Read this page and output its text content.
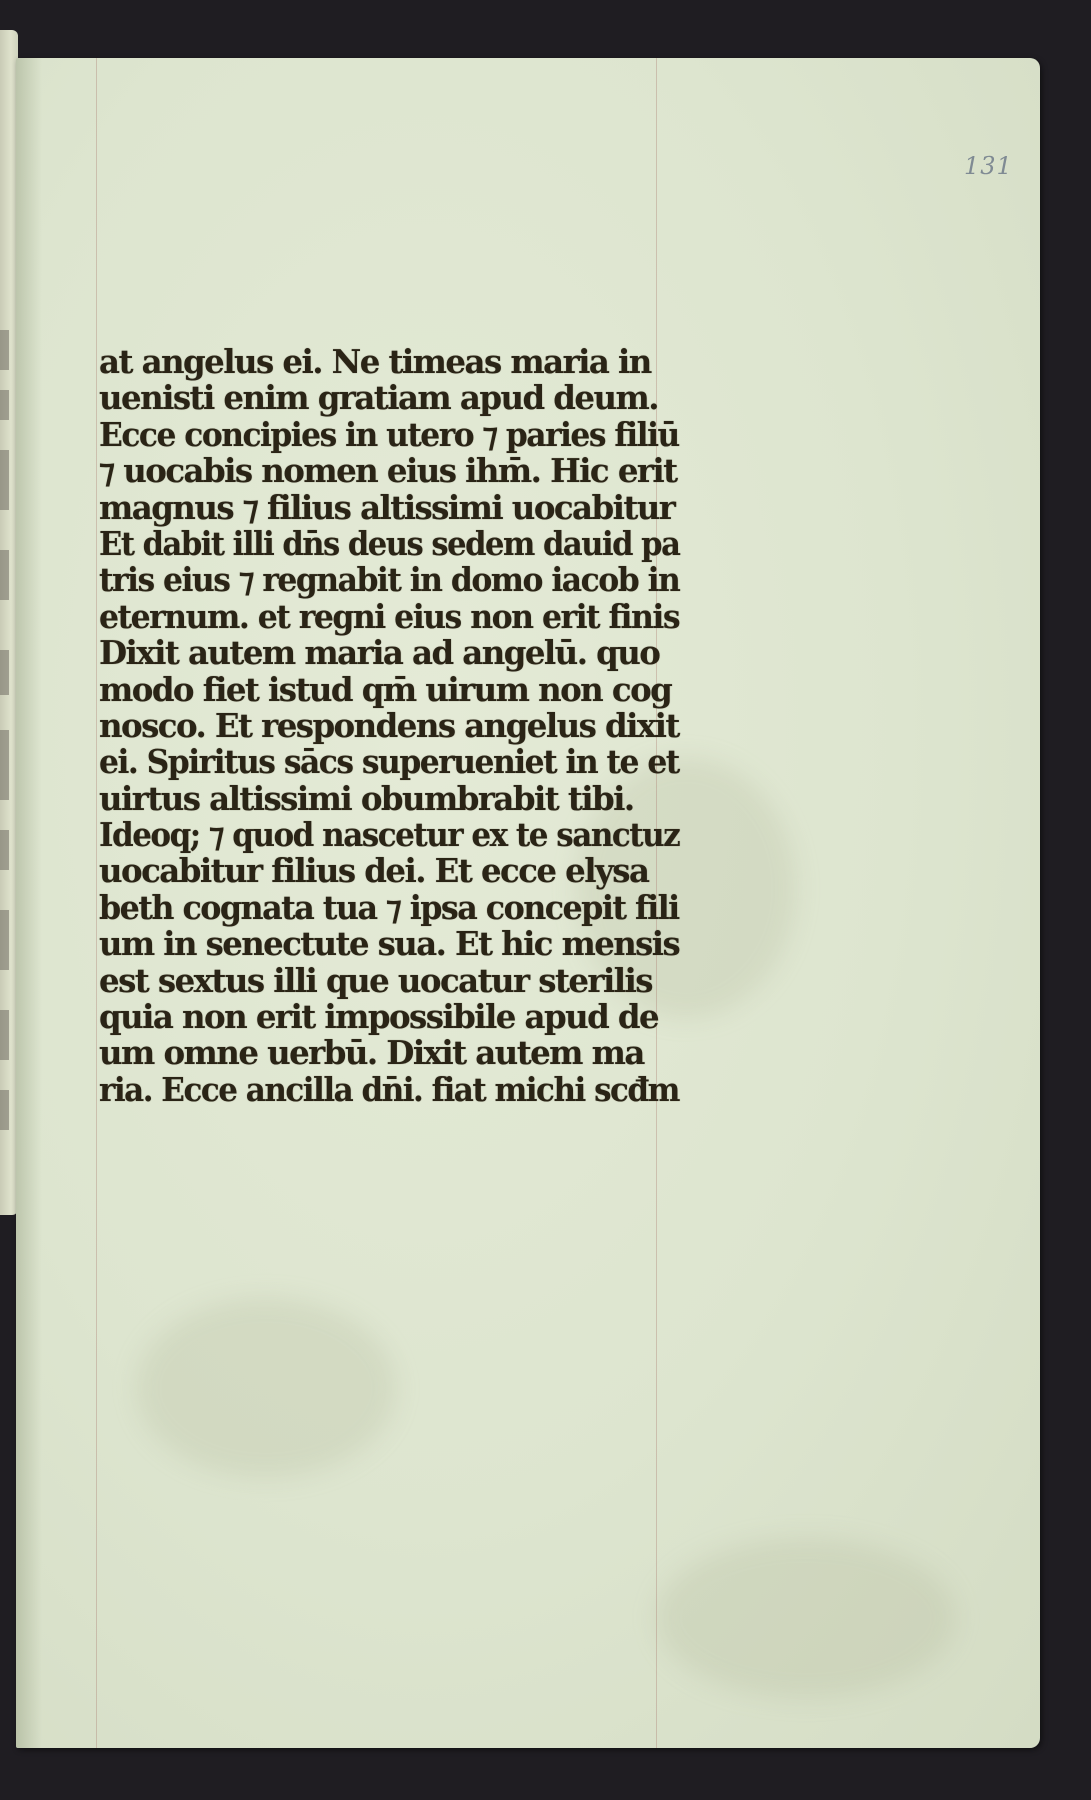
131
at angelus ei. Ne timeas maria in
uenisti enim gratiam apud deum.
Ecce concipies in utero ⁊ paries filiū
⁊ uocabis nomen eius ihm̄. Hic erit
magnus ⁊ filius altissimi uocabitur
Et dabit illi dn̄s deus sedem dauid pa
tris eius ⁊ regnabit in domo iacob in
eternum. et regni eius non erit finis
Dixit autem maria ad angelū. quo
modo fiet istud qm̄ uirum non cog
nosco. Et respondens angelus dixit
ei. Spiritus sācs superueniet in te et
uirtus altissimi obumbrabit tibi.
Ideoq; ⁊ quod nascetur ex te sanctuz
uocabitur filius dei. Et ecce elysa
beth cognata tua ⁊ ipsa concepit fili
um in senectute sua. Et hic mensis
est sextus illi que uocatur sterilis
quia non erit impossibile apud de
um omne uerbū. Dixit autem ma
ria. Ecce ancilla dn̄i. fiat michi scđm
